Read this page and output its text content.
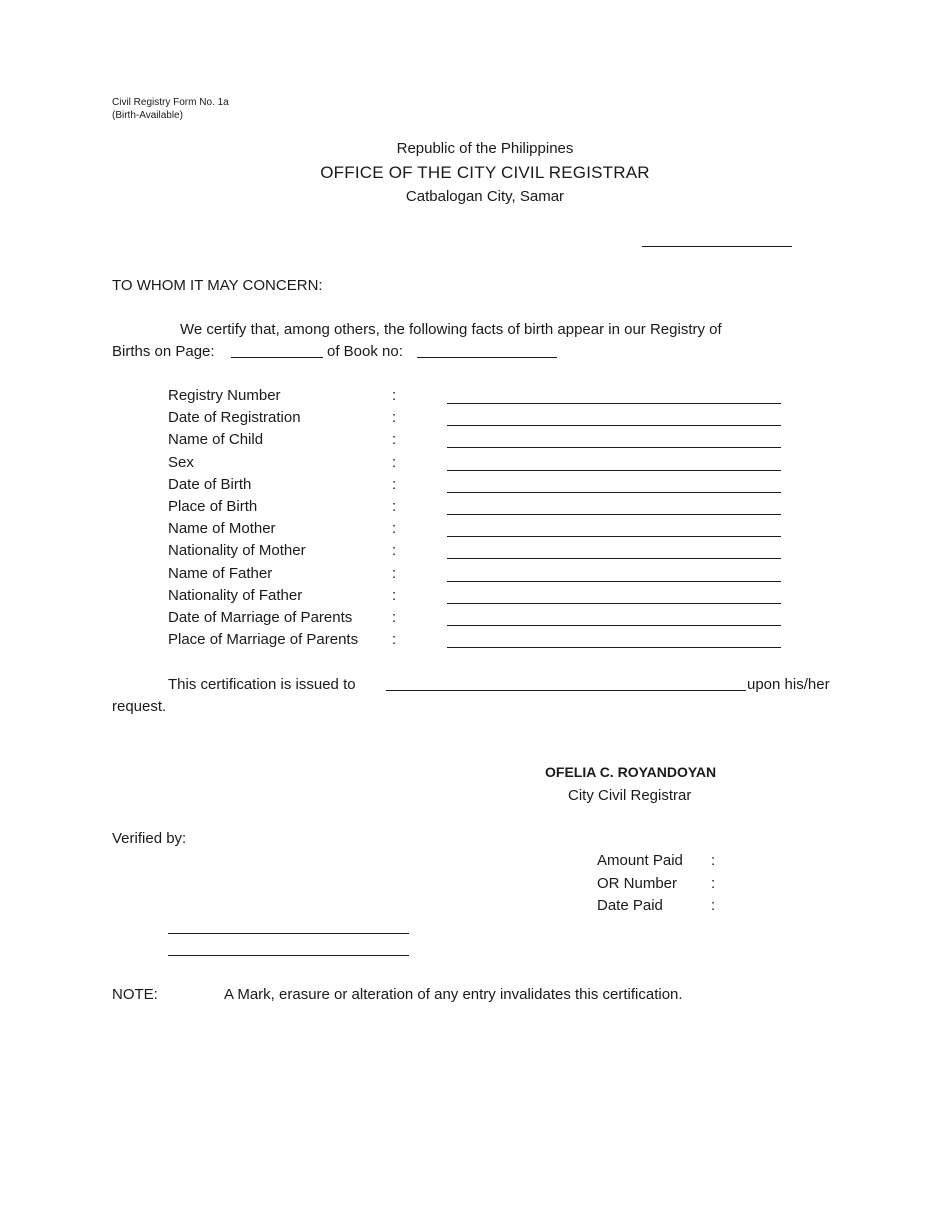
Civil Registry Form No. 1a
(Birth-Available)
Republic of the Philippines
OFFICE OF THE CITY CIVIL REGISTRAR
Catbalogan City, Samar
TO WHOM IT MAY CONCERN:
We certify that, among others, the following facts of birth appear in our Registry of
Births on Page:	of Book no:
Registry Number	:
Date of Registration	:
Name of Child	:
Sex	:
Date of Birth	:
Place of Birth	:
Name of Mother	:
Nationality of Mother	:
Name of Father	:
Nationality of Father	:
Date of Marriage of Parents	:
Place of Marriage of Parents :
This certification is issued to	upon his/her
request.
OFELIA C. ROYANDOYAN
City Civil Registrar
Verified by:
Amount Paid :
OR Number :
Date Paid	:
NOTE:	A Mark, erasure or alteration of any entry invalidates this certification.
